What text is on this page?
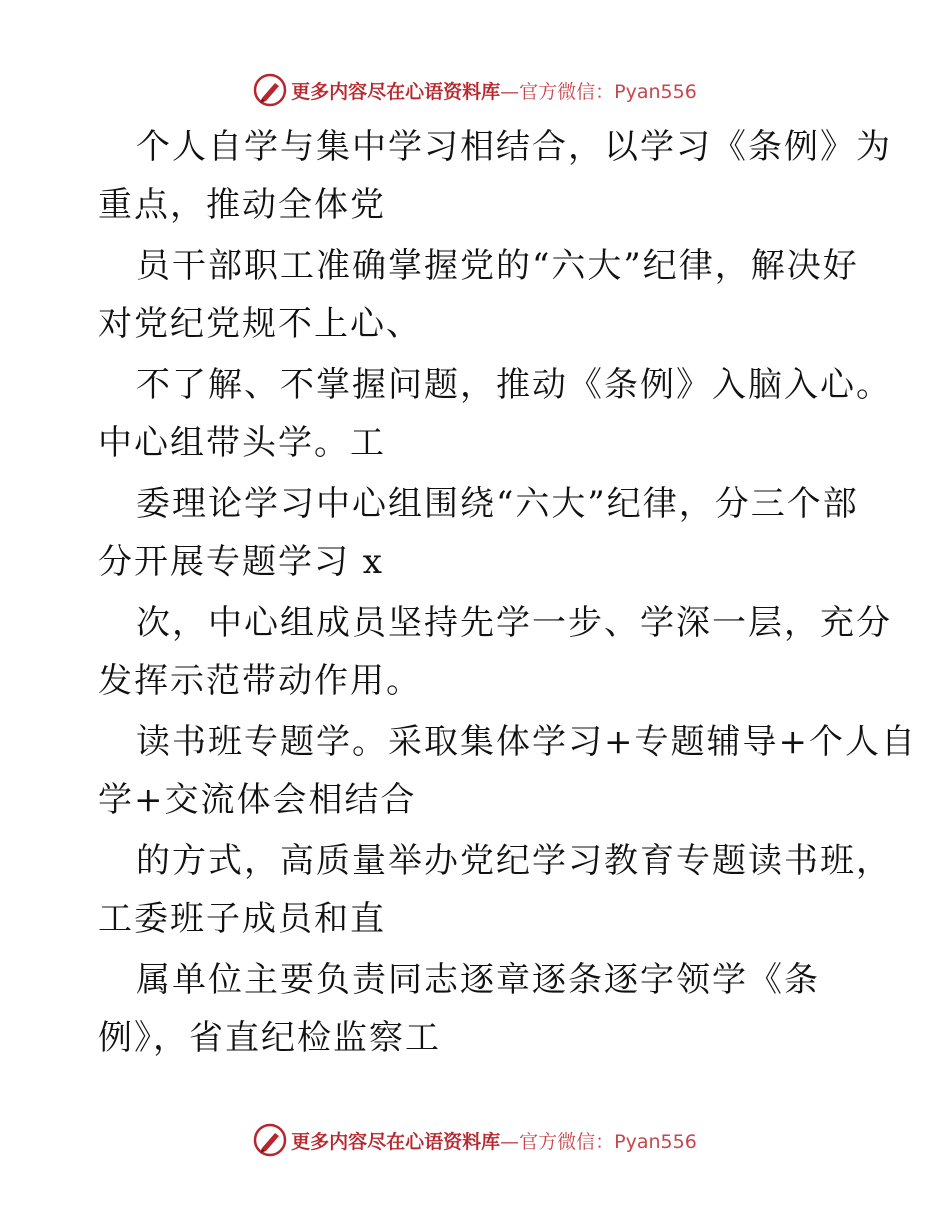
更多内容尽在心语资料库 —官方微信：Pyan556
个人自学与集中学习相结合，以学习《条例》为
重点，推动全体党
员干部职工准确掌握党的“六大”纪律，解决好
对党纪党规不上心、
不了解、不掌握问题，推动《条例》入脑入心。
中心组带头学。工
委理论学习中心组围绕“六大”纪律，分三个部
分开展专题学习 x
次，中心组成员坚持先学一步、学深一层，充分
发挥示范带动作用。
读书班专题学。采取集体学习+专题辅导+个人自
学+交流体会相结合
的方式，高质量举办党纪学习教育专题读书班，
工委班子成员和直
属单位主要负责同志逐章逐条逐字领学《条
例》，省直纪检监察工
更多内容尽在心语资料库 —官方微信：Pyan556
